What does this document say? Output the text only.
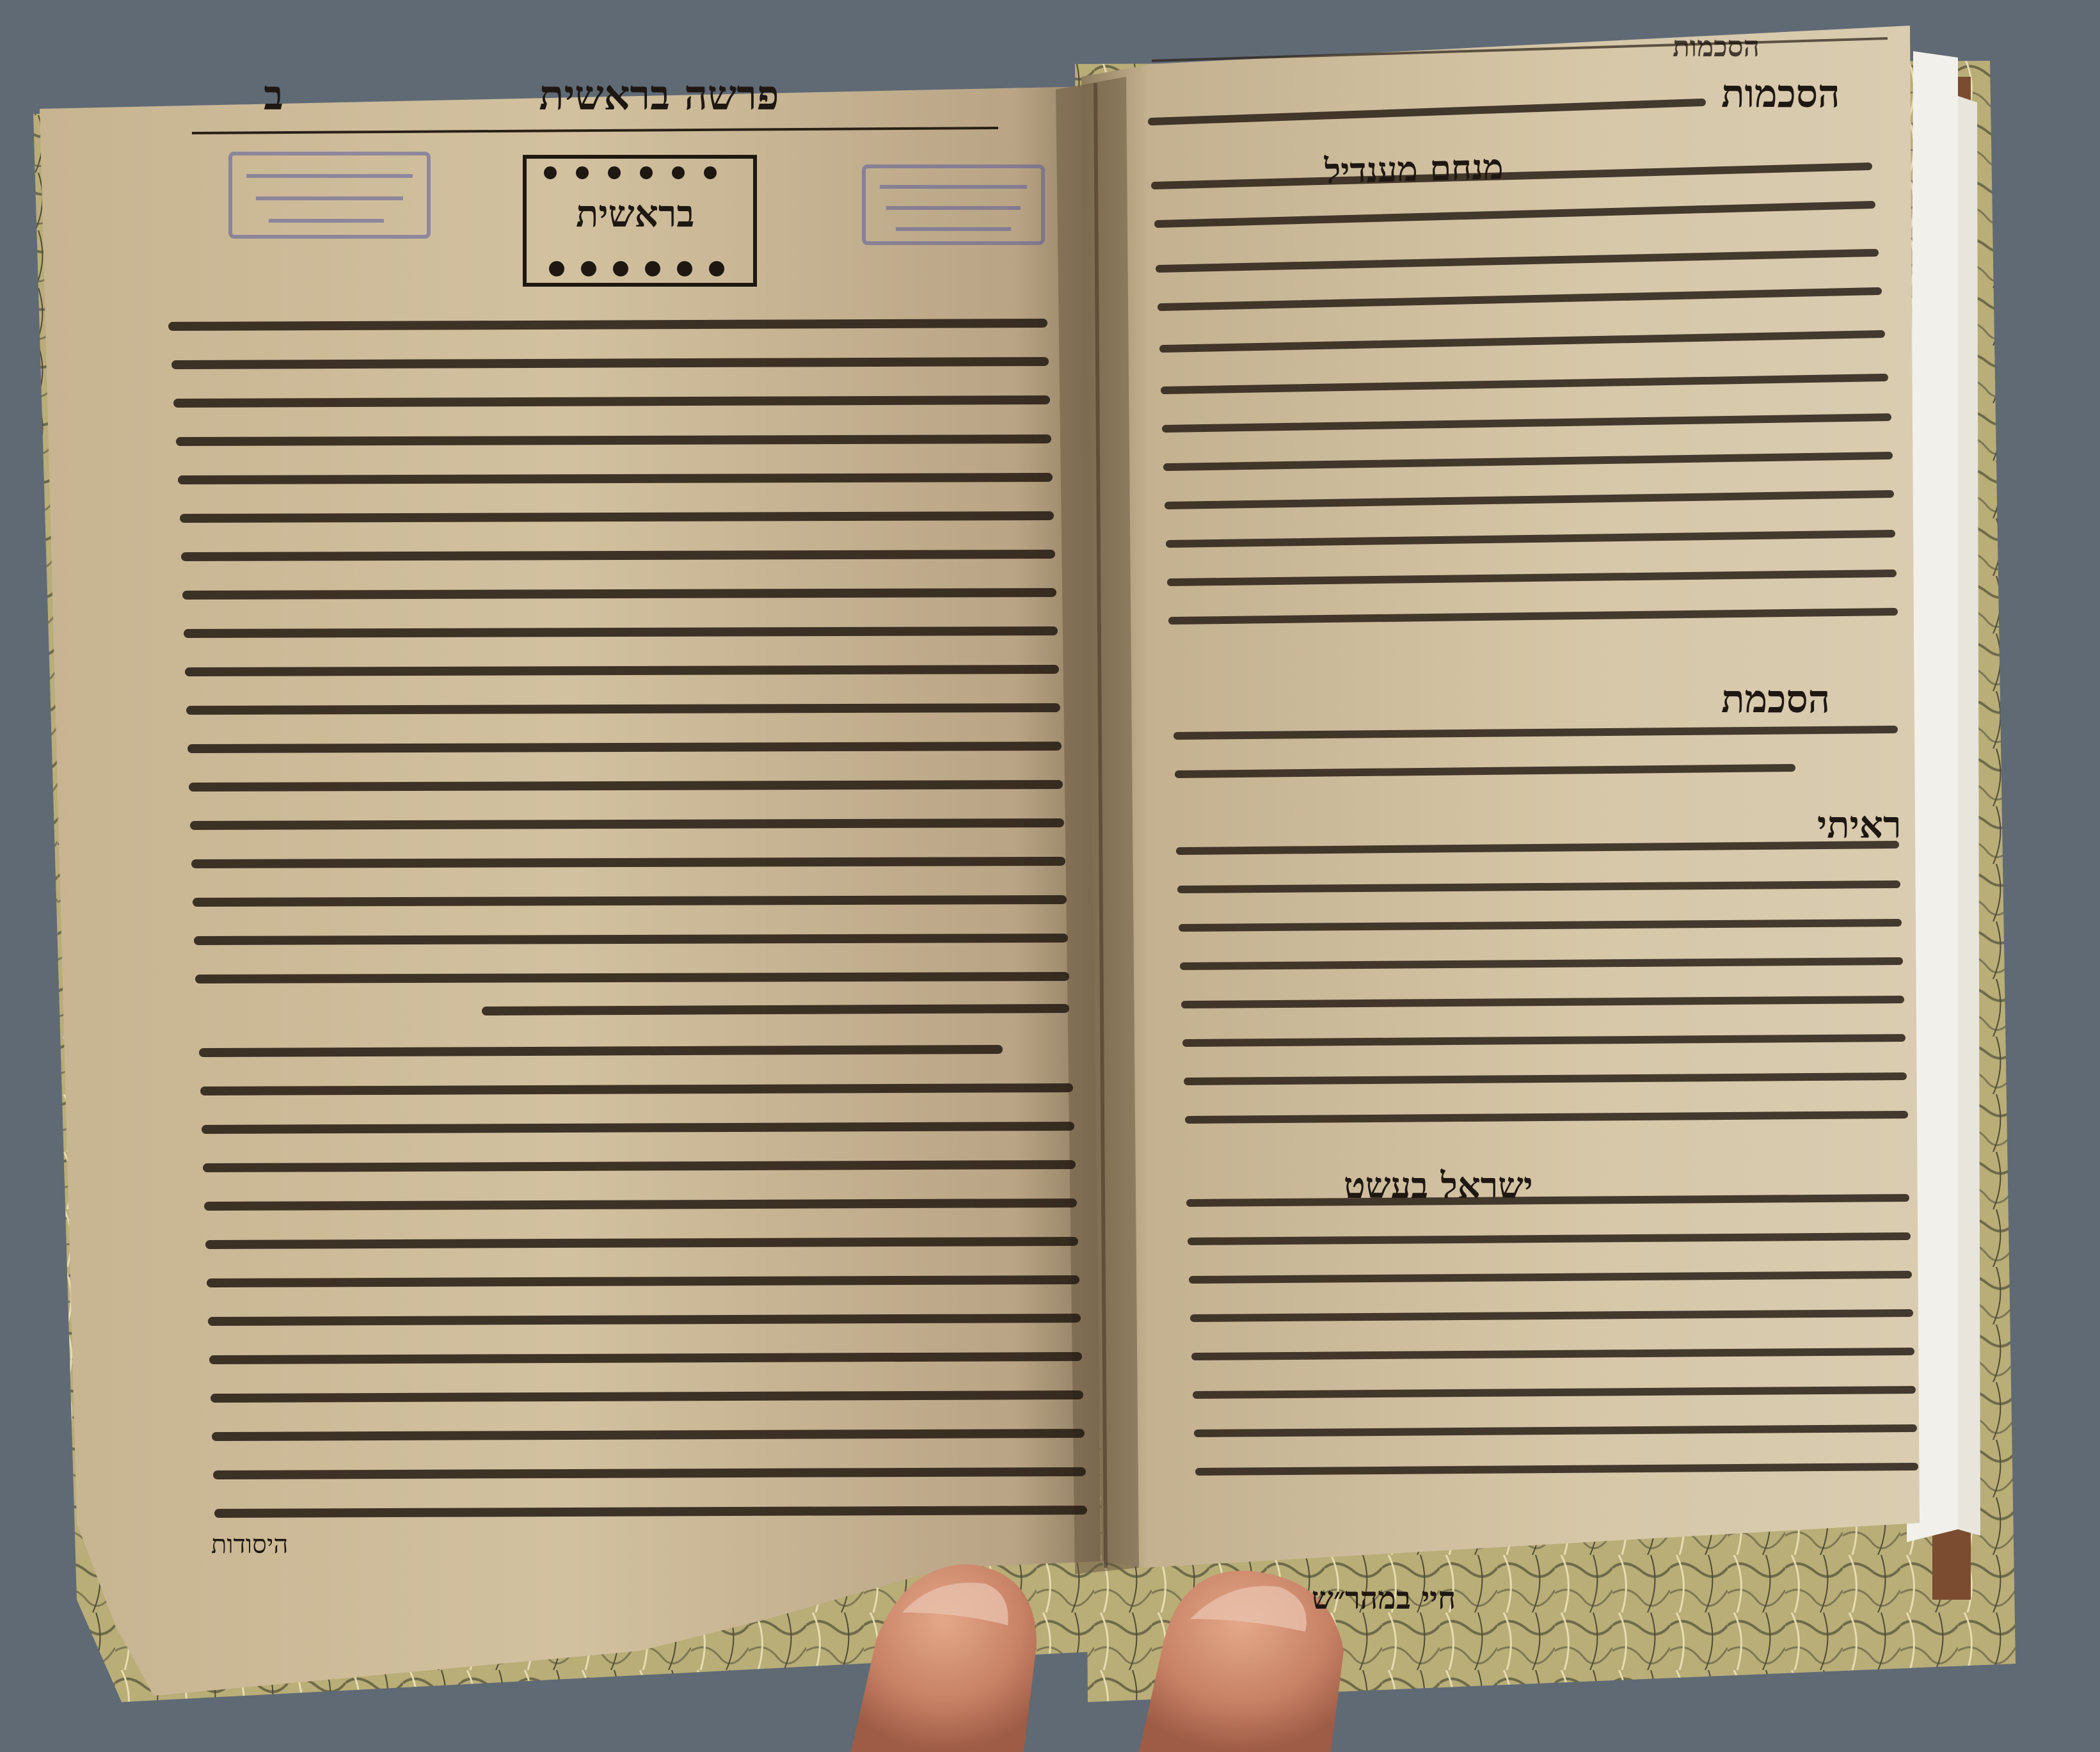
פרשה בראשית
ב
בראשית
היסודות
הסכמות
הסכמות
הסכמת
מנחם מענדיל
ראיתי
ישראל בעשט
חיי במהר״ש
